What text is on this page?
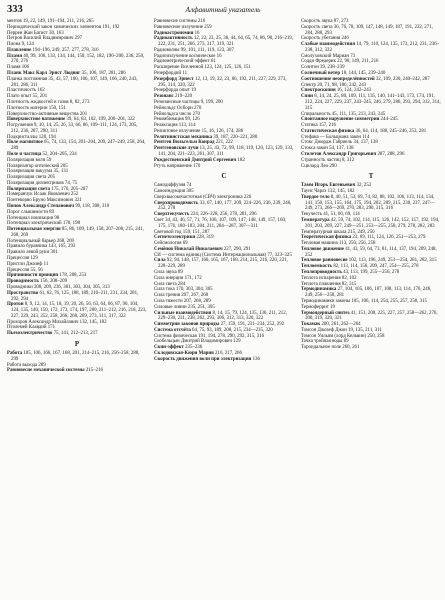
333	Алфавитный указатель
ментов 19, 22, 149, 191–194, 211, 216, 265
Периодический закон химических элементов 191, 192
Перрен Жан Батист 30, 163
Петров Василий Владимирович 297
Пиона 9, 124
Плавление 194–196, 249, 257, 277, 278, 316
Пламя 40, 99, 106, 133, 134, 144, 150, 152, 182, 196–200, 236, 250, 270, 276
Пламя 106
Планк Макс Карл Эрнст Людвиг 35, 106, 187, 281, 286
Планка постоянная 35, 43, 57, 100, 106, 107, 149, 166, 240, 243, 281, 286, 311
Пластичность 162
Плато опыт 55, 201
Плотность жидкостей и газов 8, 82, 273
Плотность материи 150, 151
Поверхностно-активные вещества 201
Поверхностное натяжение 39, 64, 83, 102, 199, 200–201, 322
Погружения 9, 10, 14, 25, 26, 33, 66, 86, 109–111, 124, 173, 205, 212, 236, 287, 290, 311
Подкристаллы 128, 194
Поле магнитное 65, 74, 133, 154, 201–204, 209, 247–249, 258, 264, 289
Поле и частица 52, 204–205, 234
Поляризация волн 59
Поляризатор оптический 205
Поляризация вакуума 35, 131
Поляризация света 205
Поляризация диэлектриков 74, 75
Поляризация света 175, 176, 205–207
Померанчук Исаак Яковлевич 252
Понтекорво Бруно Максимович 321
Попов Александр Степанович 99, 118, 308, 310
Порог слышимости 89
Потенциал ионизации 98
Потенциал электрический 170, 198
Потенциальная энергия 85, 86, 109, 149, 158, 207–208, 215, 241, 268, 269
Потенциальный барьер 268, 269
Правило буравчика 143, 165, 293
Правило левой руки 301
Прецессия 129
Пристли Джозеф 11
Прецессия 55, 56
Причинности принцип 178, 208, 253
Проводимость 156, 208–209
Проводники 208, 209, 236, 301, 303, 304, 305, 313
Пространство 61, 62, 76, 125, 188, 189, 210–211, 231, 234, 281, 292, 294
Протон 8, 9, 12, 14, 15, 18, 19, 20, 26, 56, 63, 64, 66, 87, 90, 104, 124, 135, 140, 150, 172, 173, 174, 197, 200, 211–212, 216, 218, 223, 227, 229, 243, 252, 258, 266, 268, 269, 273, 311, 317, 322
Прохоров Александр Михайлович 132, 145, 182
Птолемей Клавдий 171
Пьезоэлектричество 75, 141, 212–213, 217
Р
Работа 105, 106, 166, 167, 168, 201, 214–215, 216, 256–258, 288, 299
Работа выхода 289
Равновесие механической системы 215–216
Равновесие системы 216
Равновесное излучение 259
Радиоастрономия 16
Радиоактивность 12, 22, 23, 25, 36, 44, 64, 65, 74, 86, 90, 216–219, 222, 231, 251, 266, 273, 317, 319, 321
Радиоволны 99, 101, 111, 119, 123, 307
Радиоизлучение космическое 16
Радиометрический эффект 61
Расширение Вселенной 123, 124, 125, 126, 151
Резерфордий 11
Резерфорд Эрнест 12, 13, 19, 22, 23, 66, 192, 211, 227, 229, 273, 295, 314, 320, 322
Резерфорда опыт 19
Резонанс 219–220
Резонансные частицы 9, 199, 200
Рейнольдс Осборн 270
Рейнольдса число 270
Рекомбинация 99, 126
Релаксация 113, 114
Реликтовое излучение 15, 16, 126, 174, 286
Релятивистская механика 39, 187, 220–221, 280
Рентген Вильгельм Конрад 221, 222
Рентгеновские лучи 13, 25, 43, 72, 99, 118, 119, 120, 123, 129, 133, 141, 204, 221–223, 261, 307, 311
Рождественский Дмитрий Сергеевич 182
Ртуть напряжение 170
С
Самодиффузия 74
Самоиндукция 305
Сверхвысокочастотная (СВЧ) электроника 226
Сверхпроводимость 33, 67, 140, 177, 209, 224–226, 236, 239, 246, 252, 278
Сверхтекучесть 224, 226–228, 256, 278, 281, 296
Свет 34, 43, 46, 57, 71, 76, 106, 107, 109, 147, 148, 149, 157, 160, 175, 176, 180–183, 204, 211, 284—287, 307—311
Световой год 159, 151, 287
Сегнетоэлектрики 228, 319
Сейсмология 69
Семёнов Николай Николаевич 227, 290, 291
СИ — система единиц (Система Интернациональная) 77, 323–325
Сила 92, 94, 148, 157, 160, 165, 167, 168, 214, 215, 216, 220, 221, 228–229, 289
Сила звука 89
Сила инерции 171, 172
Сила света 284
Сила тока 170, 303, 304, 305
Сила трения 207, 267, 268
Сила тяжести 207, 268, 289
Силовые линии 235, 251, 305
Сильные взаимодействия 8, 14, 15, 79, 124, 135, 136, 211, 212, 229–230, 231, 238, 262, 293, 306, 312, 313, 320, 322
Симметрия законов природы 27, 159, 191, 231–234, 252, 292
Система отсчёта 64, 75, 93, 189, 208, 215, 234—235, 320
Система физическая 191, 194, 278, 290, 292, 315, 316
Скобельцын Дмитрий Владимирович 129
Скин-эффект 235–236
Склодовская-Кюри Мария 216, 217, 266
Скорость движения волн при электризации 136
Скорость звука 87, 273
Скорость света 36, 76, 78, 109, 147, 148, 149, 187, 191, 222, 271, 284, 288, 293
Скорость убегания 246
Слабые взаимодействия 14, 79, 110, 124, 135, 173, 212, 231, 236–238, 312, 322
Смолуховский Мариан 73
Содди Фредерик 22, 90, 149, 211, 216
Солитон 39, 238–239
Солнечный ветер 18, 144, 145, 239–240
Соотношение неопределённостей 32, 109, 230, 240–242, 287
Спектр 20, 71, 98, 186, 242, 243
Спектроскопия 16, 124, 242–243
Спин 8, 14, 24, 25, 80, 109, 111, 135, 140, 141–143, 173, 174, 191, 212, 224, 227, 229, 237, 243–245, 246, 279, 286, 293, 294, 312, 314, 315
Спиральность 45, 111, 135, 213, 243, 245
Спонтанное нарушение симметрии 244–245
Статика 157, 216
Статистическая физика 36, 64, 114, 188, 245–246, 253, 281
Стефана — Больцмана закон 114
Стокс Джордж Габриель 34, 137, 138
Стокса закон 54, 137, 138
Столетов Александр Григорьевич 287, 288, 296
Странность частиц 8, 312
Сцилард Лео 290
Т
Тамм Игорь Евгеньевич 32, 252
Таунс Чарлз 132, 145, 182
Твердое тело 8, 40, 51, 53, 69, 74, 82, 88, 102, 106, 113, 114, 134, 141, 150, 153, 155, 164, 175, 194, 202, 209, 215, 230, 237, 247—249, 273, 266—269, 270, 283, 290, 315, 316
Текучесть 41, 51, 60, 69, 114
Температура 42, 59, 74, 102, 114, 115, 126, 142, 152, 157, 192, 194, 201, 203, 209, 227, 249—251, 253—255, 258, 279, 278, 282, 283
Температурная шкала 215, 249, 250
Теоретическая физика 23, 69, 111, 124, 126, 251—253, 279
Тепловая машина 113, 250, 256, 258
Тепловое движение 41, 43, 59, 64, 73, 81, 114, 137, 194, 209, 248, 252
Тепловое равновесие 102, 113, 196, 249, 253—254, 281, 282, 315
Теплоемкость 82, 113, 114, 156, 209, 247, 254—255, 278
Теплопроводность 43, 113, 199, 255—256, 278
Теплота испарения 82, 102
Теплота плавления 82, 315
Термодинамика 27, 104, 105, 106, 107, 108, 113, 114, 176, 246, 249, 256—258, 281
Термодинамики законы 105, 106, 114, 254, 255, 257, 258, 315
Термоферрит 19
Термоядерный синтез 41, 151, 200, 225, 227, 257, 258—262, 276, 300, 319, 320, 321
Токамак 200, 261, 262—264
Томсон Джозеф Джон 19, 135, 211, 311
Томсон Уильям (лорд Кельвин) 250, 258
Точка тройная воды 89
Тороидальное поле 260, 261
